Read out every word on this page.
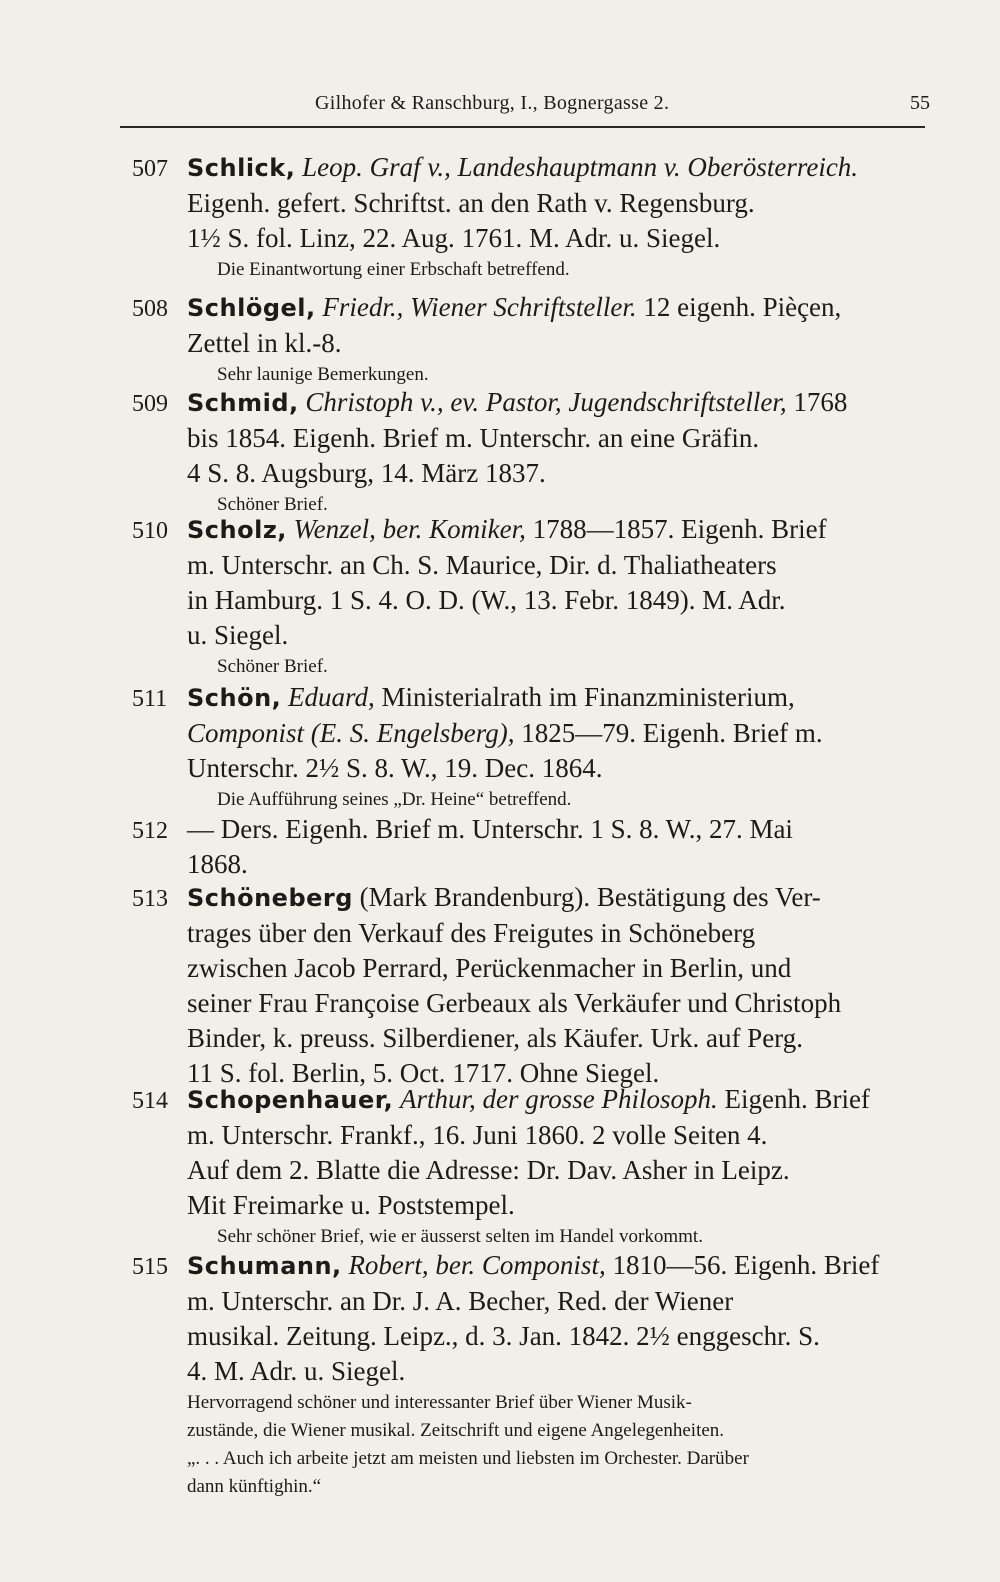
Gilhofer & Ranschburg, I., Bognergasse 2.	55
507 Schlick, Leop. Graf v., Landeshauptmann v. Oberösterreich.
Eigenh. gefert. Schriftst. an den Rath v. Regensburg.
1½ S. fol. Linz, 22. Aug. 1761. M. Adr. u. Siegel.
Die Einantwortung einer Erbschaft betreffend.
508 Schlögel, Friedr., Wiener Schriftsteller. 12 eigenh. Pièçen,
Zettel in kl.-8.
Sehr launige Bemerkungen.
509 Schmid, Christoph v., ev. Pastor, Jugendschriftsteller, 1768
bis 1854. Eigenh. Brief m. Unterschr. an eine Gräfin.
4 S. 8. Augsburg, 14. März 1837.
Schöner Brief.
510 Scholz, Wenzel, ber. Komiker, 1788—1857. Eigenh. Brief
m. Unterschr. an Ch. S. Maurice, Dir. d. Thaliatheaters
in Hamburg. 1 S. 4. O. D. (W., 13. Febr. 1849). M. Adr.
u. Siegel.
Schöner Brief.
511 Schön, Eduard, Ministerialrath im Finanzministerium,
Componist (E. S. Engelsberg), 1825—79. Eigenh. Brief m.
Unterschr. 2½ S. 8. W., 19. Dec. 1864.
Die Aufführung seines „Dr. Heine“ betreffend.
512 — Ders. Eigenh. Brief m. Unterschr. 1 S. 8. W., 27. Mai
1868.
513 Schöneberg (Mark Brandenburg). Bestätigung des Ver-
trages über den Verkauf des Freigutes in Schöneberg
zwischen Jacob Perrard, Perückenmacher in Berlin, und
seiner Frau Françoise Gerbeaux als Verkäufer und Christoph
Binder, k. preuss. Silberdiener, als Käufer. Urk. auf Perg.
11 S. fol. Berlin, 5. Oct. 1717. Ohne Siegel.
514 Schopenhauer, Arthur, der grosse Philosoph. Eigenh. Brief
m. Unterschr. Frankf., 16. Juni 1860. 2 volle Seiten 4.
Auf dem 2. Blatte die Adresse: Dr. Dav. Asher in Leipz.
Mit Freimarke u. Poststempel.
Sehr schöner Brief, wie er äusserst selten im Handel vorkommt.
515 Schumann, Robert, ber. Componist, 1810—56. Eigenh. Brief
m. Unterschr. an Dr. J. A. Becher, Red. der Wiener
musikal. Zeitung. Leipz., d. 3. Jan. 1842. 2½ enggeschr. S.
4. M. Adr. u. Siegel.
Hervorragend schöner und interessanter Brief über Wiener Musik-
zustände, die Wiener musikal. Zeitschrift und eigene Angelegenheiten.
„. . . Auch ich arbeite jetzt am meisten und liebsten im Orchester. Darüber
dann künftighin.“
